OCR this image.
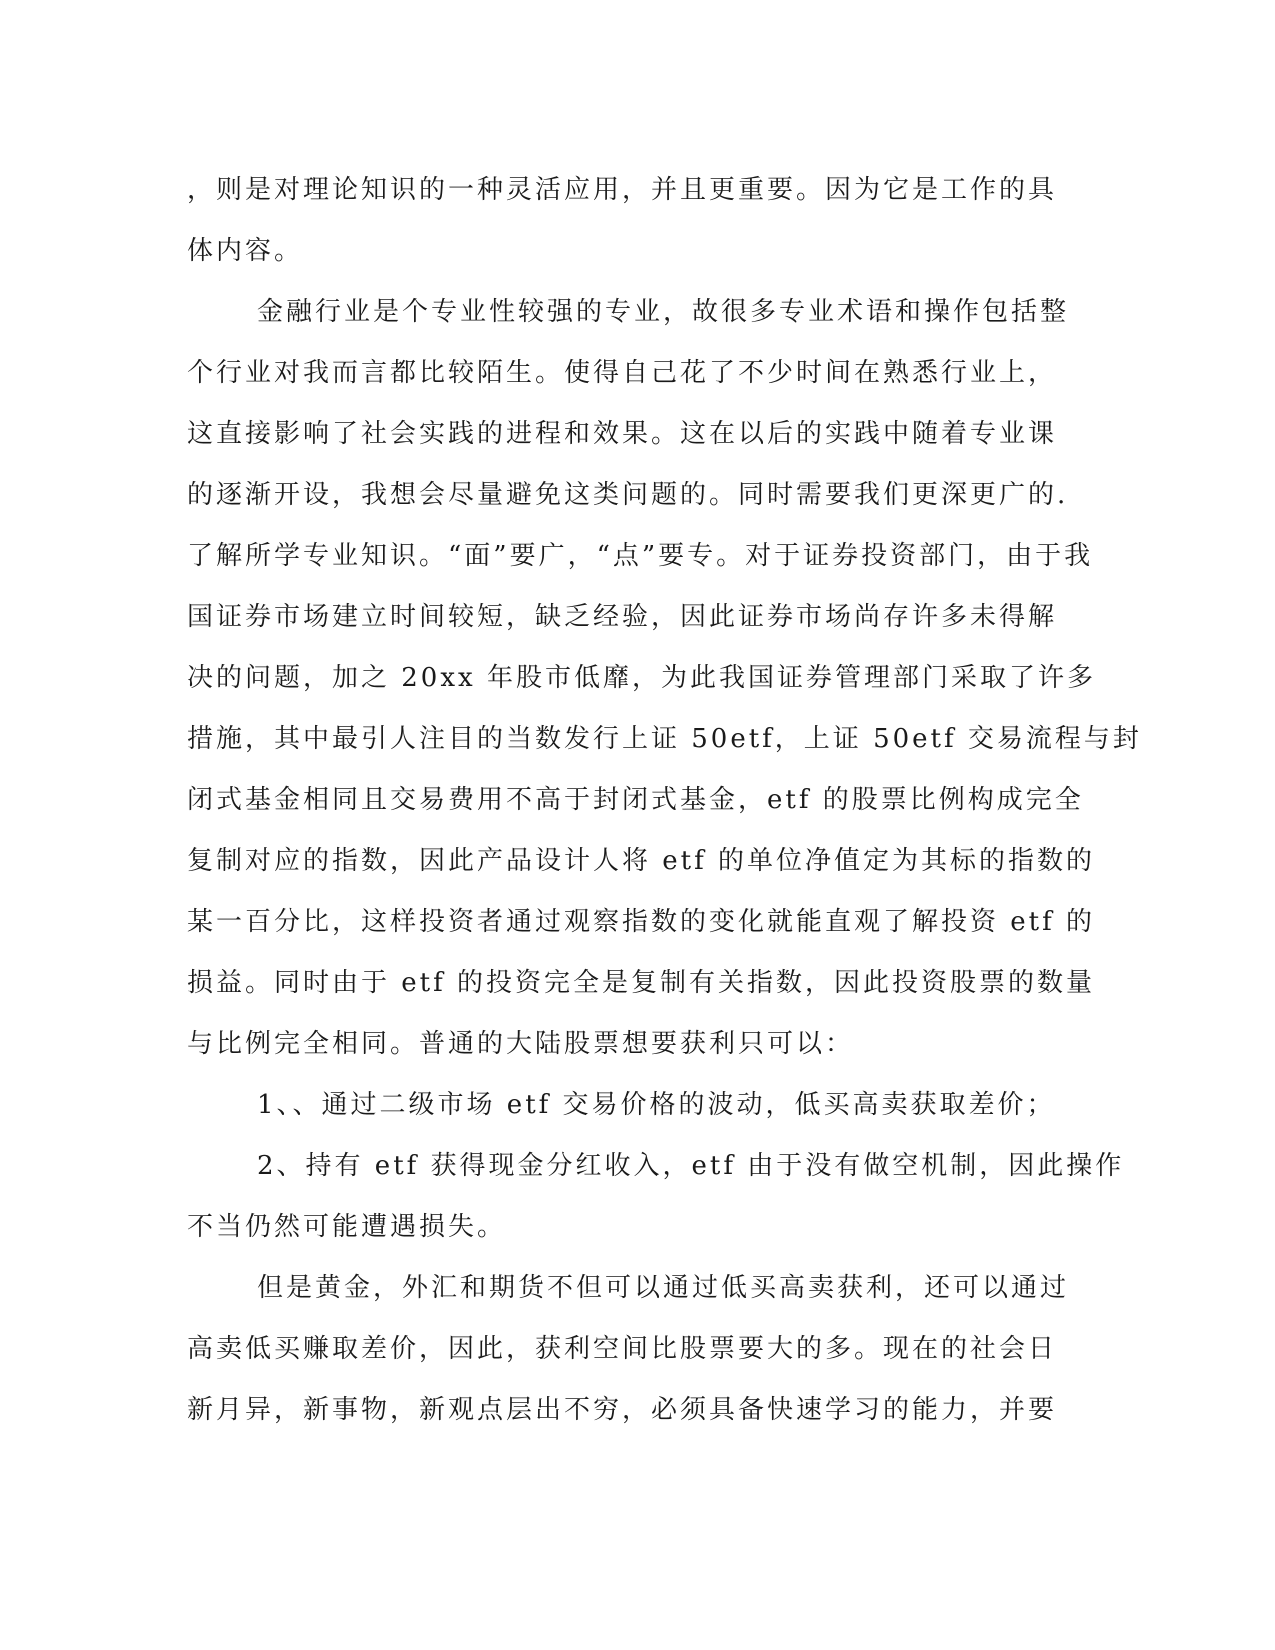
，则是对理论知识的一种灵活应用，并且更重要。因为它是工作的具
体内容。
金融行业是个专业性较强的专业，故很多专业术语和操作包括整
个行业对我而言都比较陌生。使得自己花了不少时间在熟悉行业上，
这直接影响了社会实践的进程和效果。这在以后的实践中随着专业课
的逐渐开设，我想会尽量避免这类问题的。同时需要我们更深更广的.
了解所学专业知识。“面”要广，“点”要专。对于证券投资部门，由于我
国证券市场建立时间较短，缺乏经验，因此证券市场尚存许多未得解
决的问题，加之 20xx 年股市低靡，为此我国证券管理部门采取了许多
措施，其中最引人注目的当数发行上证 50etf，上证 50etf 交易流程与封
闭式基金相同且交易费用不高于封闭式基金，etf 的股票比例构成完全
复制对应的指数，因此产品设计人将 etf 的单位净值定为其标的指数的
某一百分比，这样投资者通过观察指数的变化就能直观了解投资 etf 的
损益。同时由于 etf 的投资完全是复制有关指数，因此投资股票的数量
与比例完全相同。普通的大陆股票想要获利只可以：
1、、通过二级市场 etf 交易价格的波动，低买高卖获取差价；
2、持有 etf 获得现金分红收入，etf 由于没有做空机制，因此操作
不当仍然可能遭遇损失。
但是黄金，外汇和期货不但可以通过低买高卖获利，还可以通过
高卖低买赚取差价，因此，获利空间比股票要大的多。现在的社会日
新月异，新事物，新观点层出不穷，必须具备快速学习的能力，并要
